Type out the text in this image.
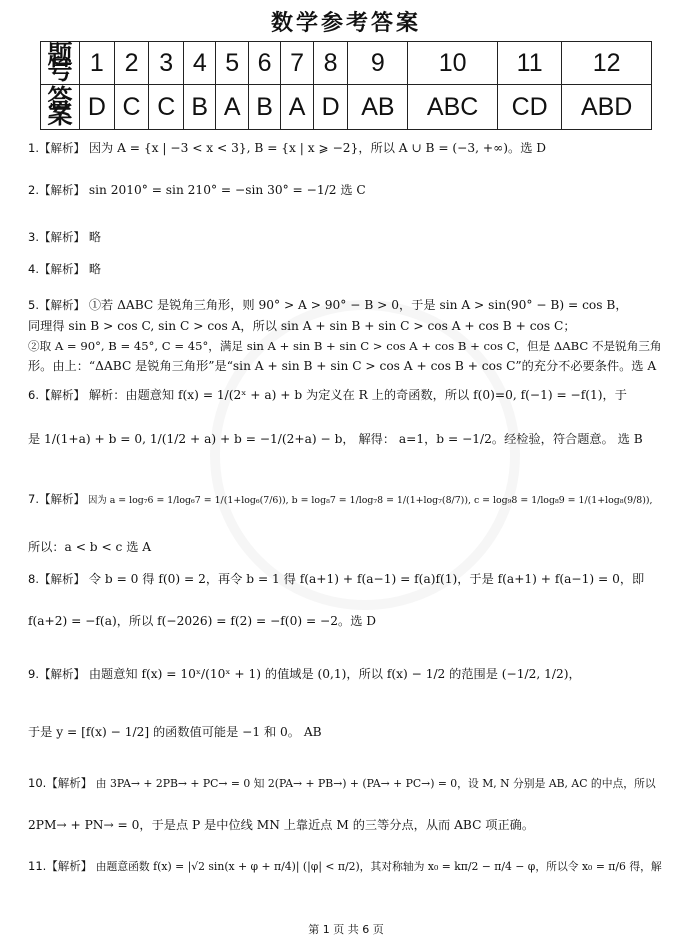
数学参考答案
题号	1	2	3	4	5	6	7	8	9	10	11	12
答案	D	C	C	B	A	B	A	D	AB	ABC	CD	ABD
1.【解析】 因为 A = {x | −3 < x < 3}, B = {x | x ⩾ −2}，所以 A ∪ B = (−3, +∞)。选 D
2.【解析】 sin 2010° = sin 210° = −sin 30° = −1/2 选 C
3.【解析】 略
4.【解析】 略
5.【解析】 ①若 ΔABC 是锐角三角形，则 90° > A > 90° − B > 0，于是 sin A > sin(90° − B) = cos B，
同理得 sin B > cos C, sin C > cos A，所以 sin A + sin B + sin C > cos A + cos B + cos C；
②取 A = 90°, B = 45°, C = 45°，满足 sin A + sin B + sin C > cos A + cos B + cos C，但是 ΔABC 不是锐角三角
形。由上：“ΔABC 是锐角三角形”是“sin A + sin B + sin C > cos A + cos B + cos C”的充分不必要条件。选 A
6.【解析】 解析：由题意知 f(x) = 1/(2ˣ + a) + b 为定义在 R 上的奇函数，所以 f(0)=0, f(−1) = −f(1)，于
是 1/(1+a) + b = 0, 1/(1/2 + a) + b = −1/(2+a) − b， 解得： a=1，b = −1/2。经检验，符合题意。 选 B
7.【解析】 因为 a = log₇6 = 1/log₆7 = 1/(1+log₆(7/6)), b = log₈7 = 1/log₇8 = 1/(1+log₇(8/7)), c = log₉8 = 1/log₈9 = 1/(1+log₈(9/8)),
所以：a < b < c 选 A
8.【解析】 令 b = 0 得 f(0) = 2，再令 b = 1 得 f(a+1) + f(a−1) = f(a)f(1)，于是 f(a+1) + f(a−1) = 0，即
f(a+2) = −f(a)，所以 f(−2026) = f(2) = −f(0) = −2。选 D
9.【解析】 由题意知 f(x) = 10ˣ/(10ˣ + 1) 的值域是 (0,1)，所以 f(x) − 1/2 的范围是 (−1/2, 1/2)，
于是 y = [f(x) − 1/2] 的函数值可能是 −1 和 0。 AB
10.【解析】 由 3PA→ + 2PB→ + PC→ = 0 知 2(PA→ + PB→) + (PA→ + PC→) = 0，设 M, N 分别是 AB, AC 的中点，所以
2PM→ + PN→ = 0，于是点 P 是中位线 MN 上靠近点 M 的三等分点，从而 ABC 项正确。
11.【解析】 由题意函数 f(x) = |√2 sin(x + φ + π/4)| (|φ| < π/2)，其对称轴为 x₀ = kπ/2 − π/4 − φ，所以令 x₀ = π/6 得，解
第 1 页 共 6 页
